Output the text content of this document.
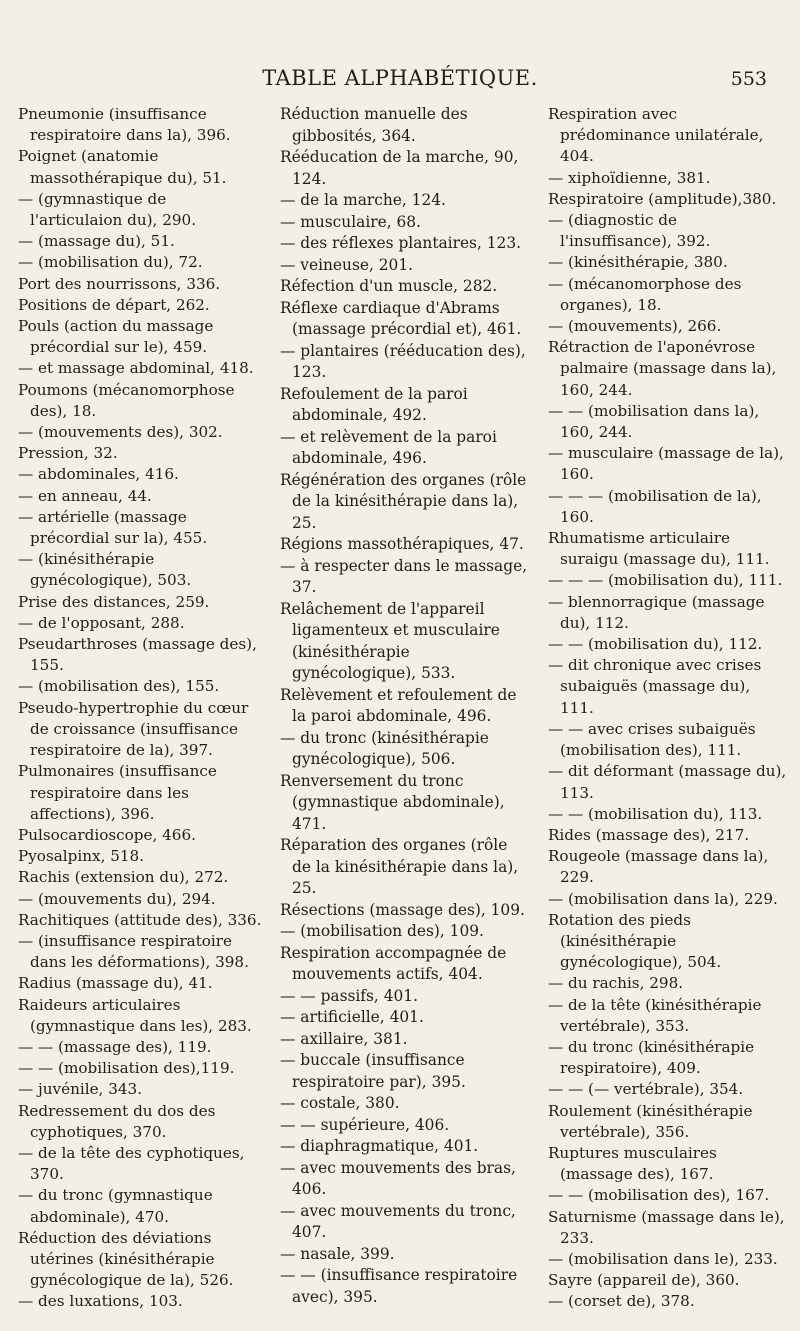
TABLE ALPHABÉTIQUE.	553

Pneumonie (insuffisance respiratoire dans la), 396.

Poignet (anatomie massothérapique du), 51.

— (gymnastique de l'articulaion du), 290.

— (massage du), 51.

— (mobilisation du), 72.

Port des nourrissons, 336.

Positions de départ, 262.

Pouls (action du massage précordial sur le), 459.

— et massage abdominal, 418.

Poumons (mécanomorphose des), 18.

— (mouvements des), 302.

Pression, 32.

— abdominales, 416.

— en anneau, 44.

— artérielle (massage précordial sur la), 455.

— (kinésithérapie gynécologique), 503.

Prise des distances, 259.

— de l'opposant, 288.

Pseudarthroses (massage des), 155.

— (mobilisation des), 155.

Pseudo-hypertrophie du cœur de croissance (insuffisance respiratoire de la), 397.

Pulmonaires (insuffisance respiratoire dans les affections), 396.

Pulsocardioscope, 466.

Pyosalpinx, 518.

Rachis (extension du), 272.

— (mouvements du), 294.

Rachitiques (attitude des), 336.

— (insuffisance respiratoire dans les déformations), 398.

Radius (massage du), 41.

Raideurs articulaires (gymnastique dans les), 283.

— — (massage des), 119.

— — (mobilisation des),119.

— juvénile, 343.

Redressement du dos des cyphotiques, 370.

— de la tête des cyphotiques, 370.

— du tronc (gymnastique abdominale), 470.

Réduction des déviations utérines (kinésithérapie gynécologique de la), 526.

— des luxations, 103.

Réduction manuelle des gibbosités, 364.

Rééducation de la marche, 90, 124.

— de la marche, 124.

— musculaire, 68.

— des réflexes plantaires, 123.

— veineuse, 201.

Réfection d'un muscle, 282.

Réflexe cardiaque d'Abrams (massage précordial et), 461.

— plantaires (rééducation des), 123.

Refoulement de la paroi abdominale, 492.

— et relèvement de la paroi abdominale, 496.

Régénération des organes (rôle de la kinésithérapie dans la), 25.

Régions massothérapiques, 47.

— à respecter dans le massage, 37.

Relâchement de l'appareil ligamenteux et musculaire (kinésithérapie gynécologique), 533.

Relèvement et refoulement de la paroi abdominale, 496.

— du tronc (kinésithérapie gynécologique), 506.

Renversement du tronc (gymnastique abdominale), 471.

Réparation des organes (rôle de la kinésithérapie dans la), 25.

Résections (massage des), 109.

— (mobilisation des), 109.

Respiration accompagnée de mouvements actifs, 404.

— — passifs, 401.

— artificielle, 401.

— axillaire, 381.

— buccale (insuffisance respiratoire par), 395.

— costale, 380.

— — supérieure, 406.

— diaphragmatique, 401.

— avec mouvements des bras, 406.

— avec mouvements du tronc, 407.

— nasale, 399.

— — (insuffisance respiratoire avec), 395.

Respiration avec prédominance unilatérale, 404.

— xiphoïdienne, 381.

Respiratoire (amplitude),380.

— (diagnostic de l'insuffisance), 392.

— (kinésithérapie, 380.

— (mécanomorphose des organes), 18.

— (mouvements), 266.

Rétraction de l'aponévrose palmaire (massage dans la), 160, 244.

— — (mobilisation dans la), 160, 244.

— musculaire (massage de la), 160.

— — — (mobilisation de la), 160.

Rhumatisme articulaire suraigu (massage du), 111.

— — — (mobilisation du), 111.

— blennorragique (massage du), 112.

— — (mobilisation du), 112.

— dit chronique avec crises subaiguës (massage du), 111.

— — avec crises subaiguës (mobilisation des), 111.

— dit déformant (massage du), 113.

— — (mobilisation du), 113.

Rides (massage des), 217.

Rougeole (massage dans la), 229.

— (mobilisation dans la), 229.

Rotation des pieds (kinésithérapie gynécologique), 504.

— du rachis, 298.

— de la tête (kinésithérapie vertébrale), 353.

— du tronc (kinésithérapie respiratoire), 409.

— — (— vertébrale), 354.

Roulement (kinésithérapie vertébrale), 356.

Ruptures musculaires (massage des), 167.

— — (mobilisation des), 167.

Saturnisme (massage dans le), 233.

— (mobilisation dans le), 233.

Sayre (appareil de), 360.

— (corset de), 378.
